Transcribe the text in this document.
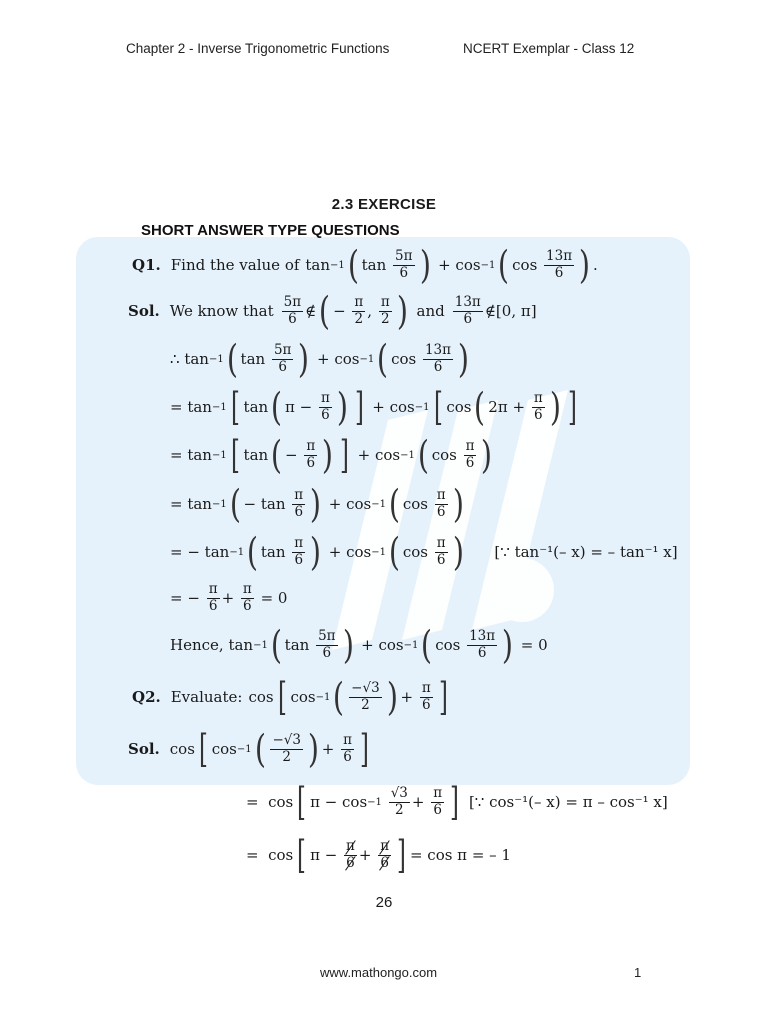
Chapter 2 - Inverse Trigonometric Functions	NCERT Exemplar - Class 12
2.3 EXERCISE
SHORT ANSWER TYPE QUESTIONS
Q1. Find the value of tan −1 ( $\tan \frac{5\pi}{6}$ ) + cos −1 ( $\cos \frac{13\pi}{6}$ ) .
Sol. We know that $\frac{5\pi}{6}$ ∉ ( − $\frac{\pi}{2}$ , $\frac{\pi}{2}$ ) and $\frac{13\pi}{6}$ ∉ [0, π]
∴
tan −1 ( $\tan \frac{5\pi}{6}$ ) + cos −1 ( $\cos \frac{13\pi}{6}$ )
= tan −1 [ tan ( $\pi - \frac{\pi}{6}$ ) ] + cos −1 [ cos ( $2\pi + \frac{\pi}{6}$ ) ]
= tan −1 [ tan ( − $\frac{\pi}{6}$ ) ] + cos −1 ( $\cos \frac{\pi}{6}$ )
= tan −1 ( − $\tan \frac{\pi}{6}$ ) + cos −1 ( $\cos \frac{\pi}{6}$ )
= − tan −1 ( $\tan \frac{\pi}{6}$ ) + cos −1 ( $\cos \frac{\pi}{6}$ ) [∵ tan⁻¹(– x) = – tan⁻¹ x]
= − $\frac{\pi}{6} + \frac{\pi}{6}$
= 0
Hence,
tan −1 ( $\tan \frac{5\pi}{6}$ ) + cos −1 ( $\cos \frac{13\pi}{6}$ )
= 0
Q2. Evaluate: cos [ cos −1 ( $\frac{-√3}{2}$ ) + $\frac{\pi}{6}$ ]
Sol. cos [ cos −1 ( $\frac{-√3}{2}$ ) + $\frac{\pi}{6}$ ]
=  cos [ π − cos −1
$\frac{√3}{2} + \frac{\pi}{6}$ ] [∵ cos⁻¹(– x) = π – cos⁻¹ x]
=  cos [ $\pi - \frac{\pi}{6} + \frac{\pi}{6}$ ] = cos π = – 1
26
www.mathongo.com	1
